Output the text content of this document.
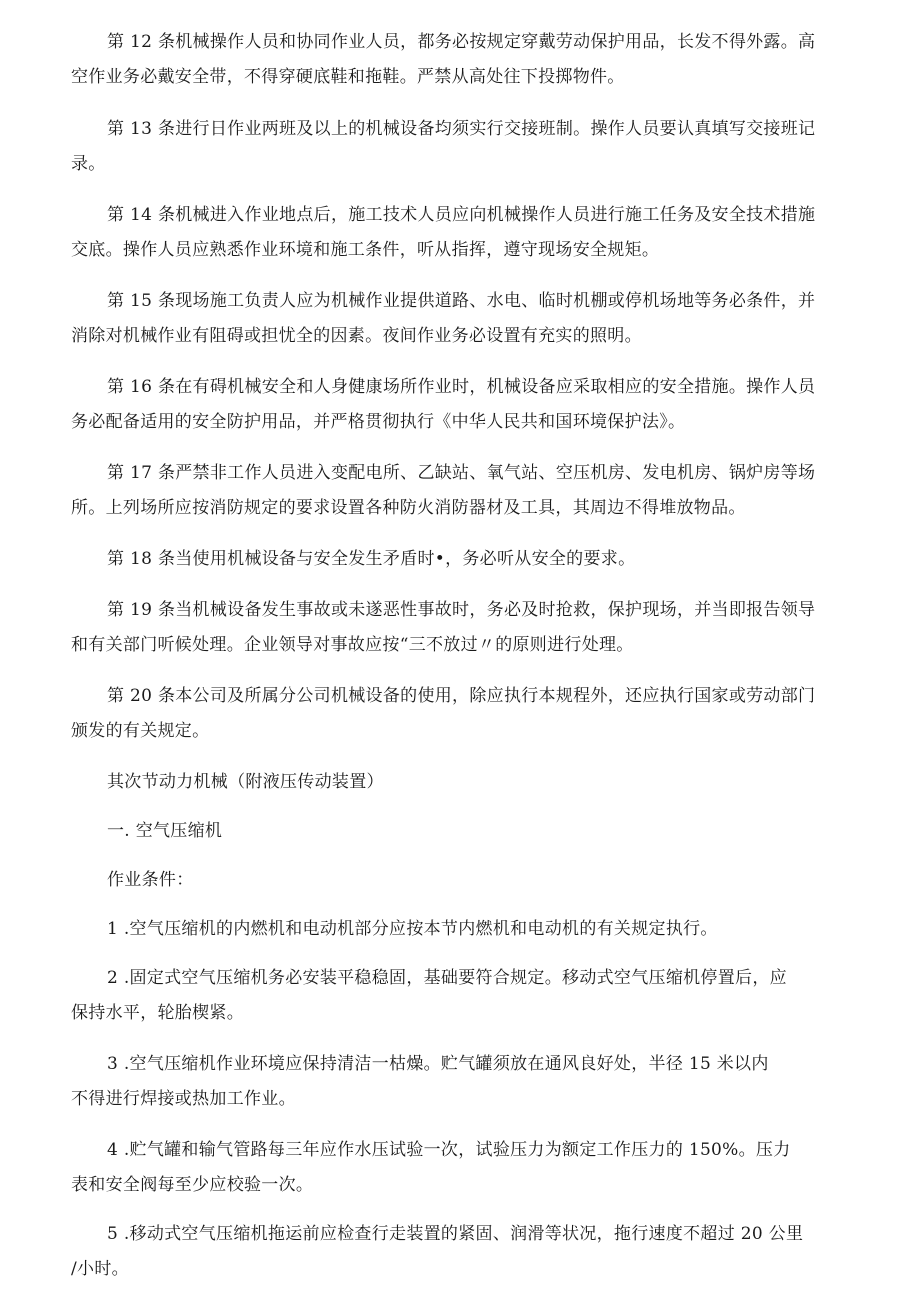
第 12 条机械操作人员和协同作业人员，都务必按规定穿戴劳动保护用品，长发不得外露。高
空作业务必戴安全带，不得穿硬底鞋和拖鞋。严禁从高处往下投掷物件。
第 13 条进行日作业两班及以上的机械设备均须实行交接班制。操作人员要认真填写交接班记
录。
第 14 条机械进入作业地点后，施工技术人员应向机械操作人员进行施工任务及安全技术措施
交底。操作人员应熟悉作业环境和施工条件，听从指挥，遵守现场安全规矩。
第 15 条现场施工负责人应为机械作业提供道路、水电、临时机棚或停机场地等务必条件，并
消除对机械作业有阻碍或担忧全的因素。夜间作业务必设置有充实的照明。
第 16 条在有碍机械安全和人身健康场所作业时，机械设备应采取相应的安全措施。操作人员
务必配备适用的安全防护用品，并严格贯彻执行《中华人民共和国环境保护法》。
第 17 条严禁非工作人员进入变配电所、乙缺站、氧气站、空压机房、发电机房、锅炉房等场
所。上列场所应按消防规定的要求设置各种防火消防器材及工具，其周边不得堆放物品。
第 18 条当使用机械设备与安全发生矛盾时•，务必听从安全的要求。
第 19 条当机械设备发生事故或未遂恶性事故时，务必及时抢救，保护现场，并当即报告领导
和有关部门听候处理。企业领导对事故应按“三不放过〃的原则进行处理。
第 20 条本公司及所属分公司机械设备的使用，除应执行本规程外，还应执行国家或劳动部门
颁发的有关规定。
其次节动力机械（附液压传动装置）
一. 空气压缩机
作业条件：
1 .空气压缩机的内燃机和电动机部分应按本节内燃机和电动机的有关规定执行。
2 .固定式空气压缩机务必安装平稳稳固，基础要符合规定。移动式空气压缩机停置后，应
保持水平，轮胎楔紧。
3 .空气压缩机作业环境应保持清洁一枯燥。贮气罐须放在通风良好处，半径 15 米以内
不得进行焊接或热加工作业。
4 .贮气罐和输气管路每三年应作水压试验一次，试验压力为额定工作压力的 150%。压力
表和安全阀每至少应校验一次。
5 .移动式空气压缩机拖运前应检查行走装置的紧固、润滑等状况，拖行速度不超过 20 公里
/小时。
